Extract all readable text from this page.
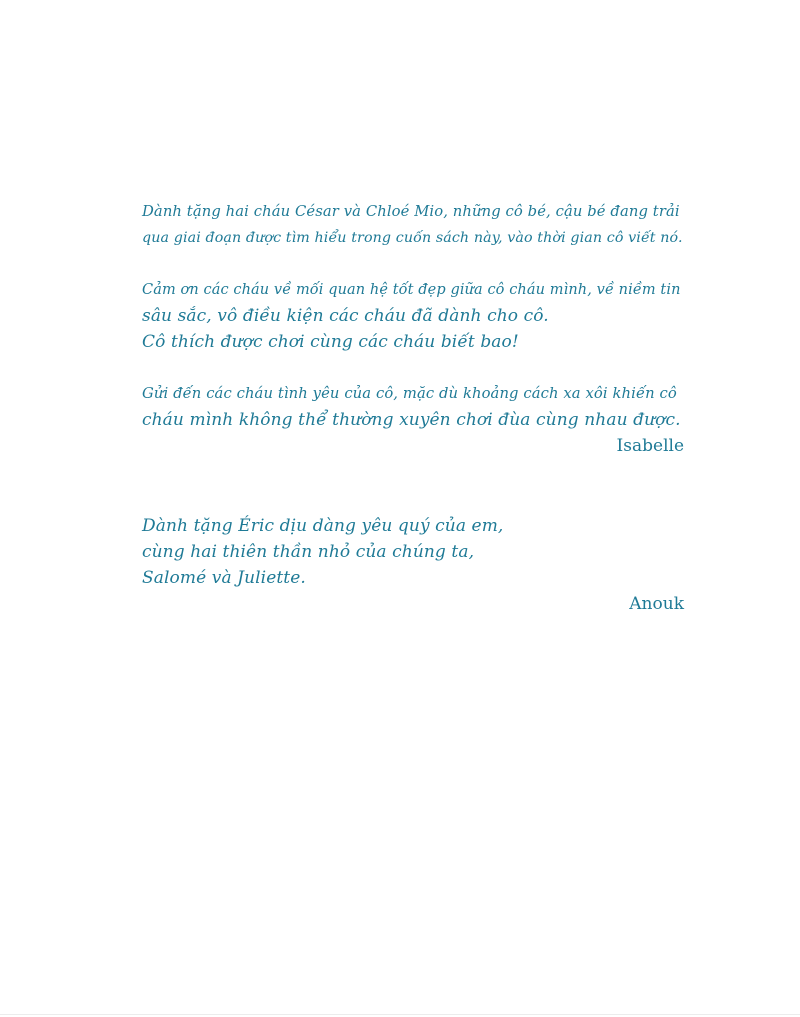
Dành tặng hai cháu César và Chloé Mio, những cô bé, cậu bé đang trải
qua giai đoạn được tìm hiểu trong cuốn sách này, vào thời gian cô viết nó.
Cảm ơn các cháu về mối quan hệ tốt đẹp giữa cô cháu mình, về niềm tin
sâu sắc, vô điều kiện các cháu đã dành cho cô.
Cô thích được chơi cùng các cháu biết bao!
Gửi đến các cháu tình yêu của cô, mặc dù khoảng cách xa xôi khiến cô
cháu mình không thể thường xuyên chơi đùa cùng nhau được.
Isabelle
Dành tặng Éric dịu dàng yêu quý của em,
cùng hai thiên thần nhỏ của chúng ta,
Salomé và Juliette.
Anouk
